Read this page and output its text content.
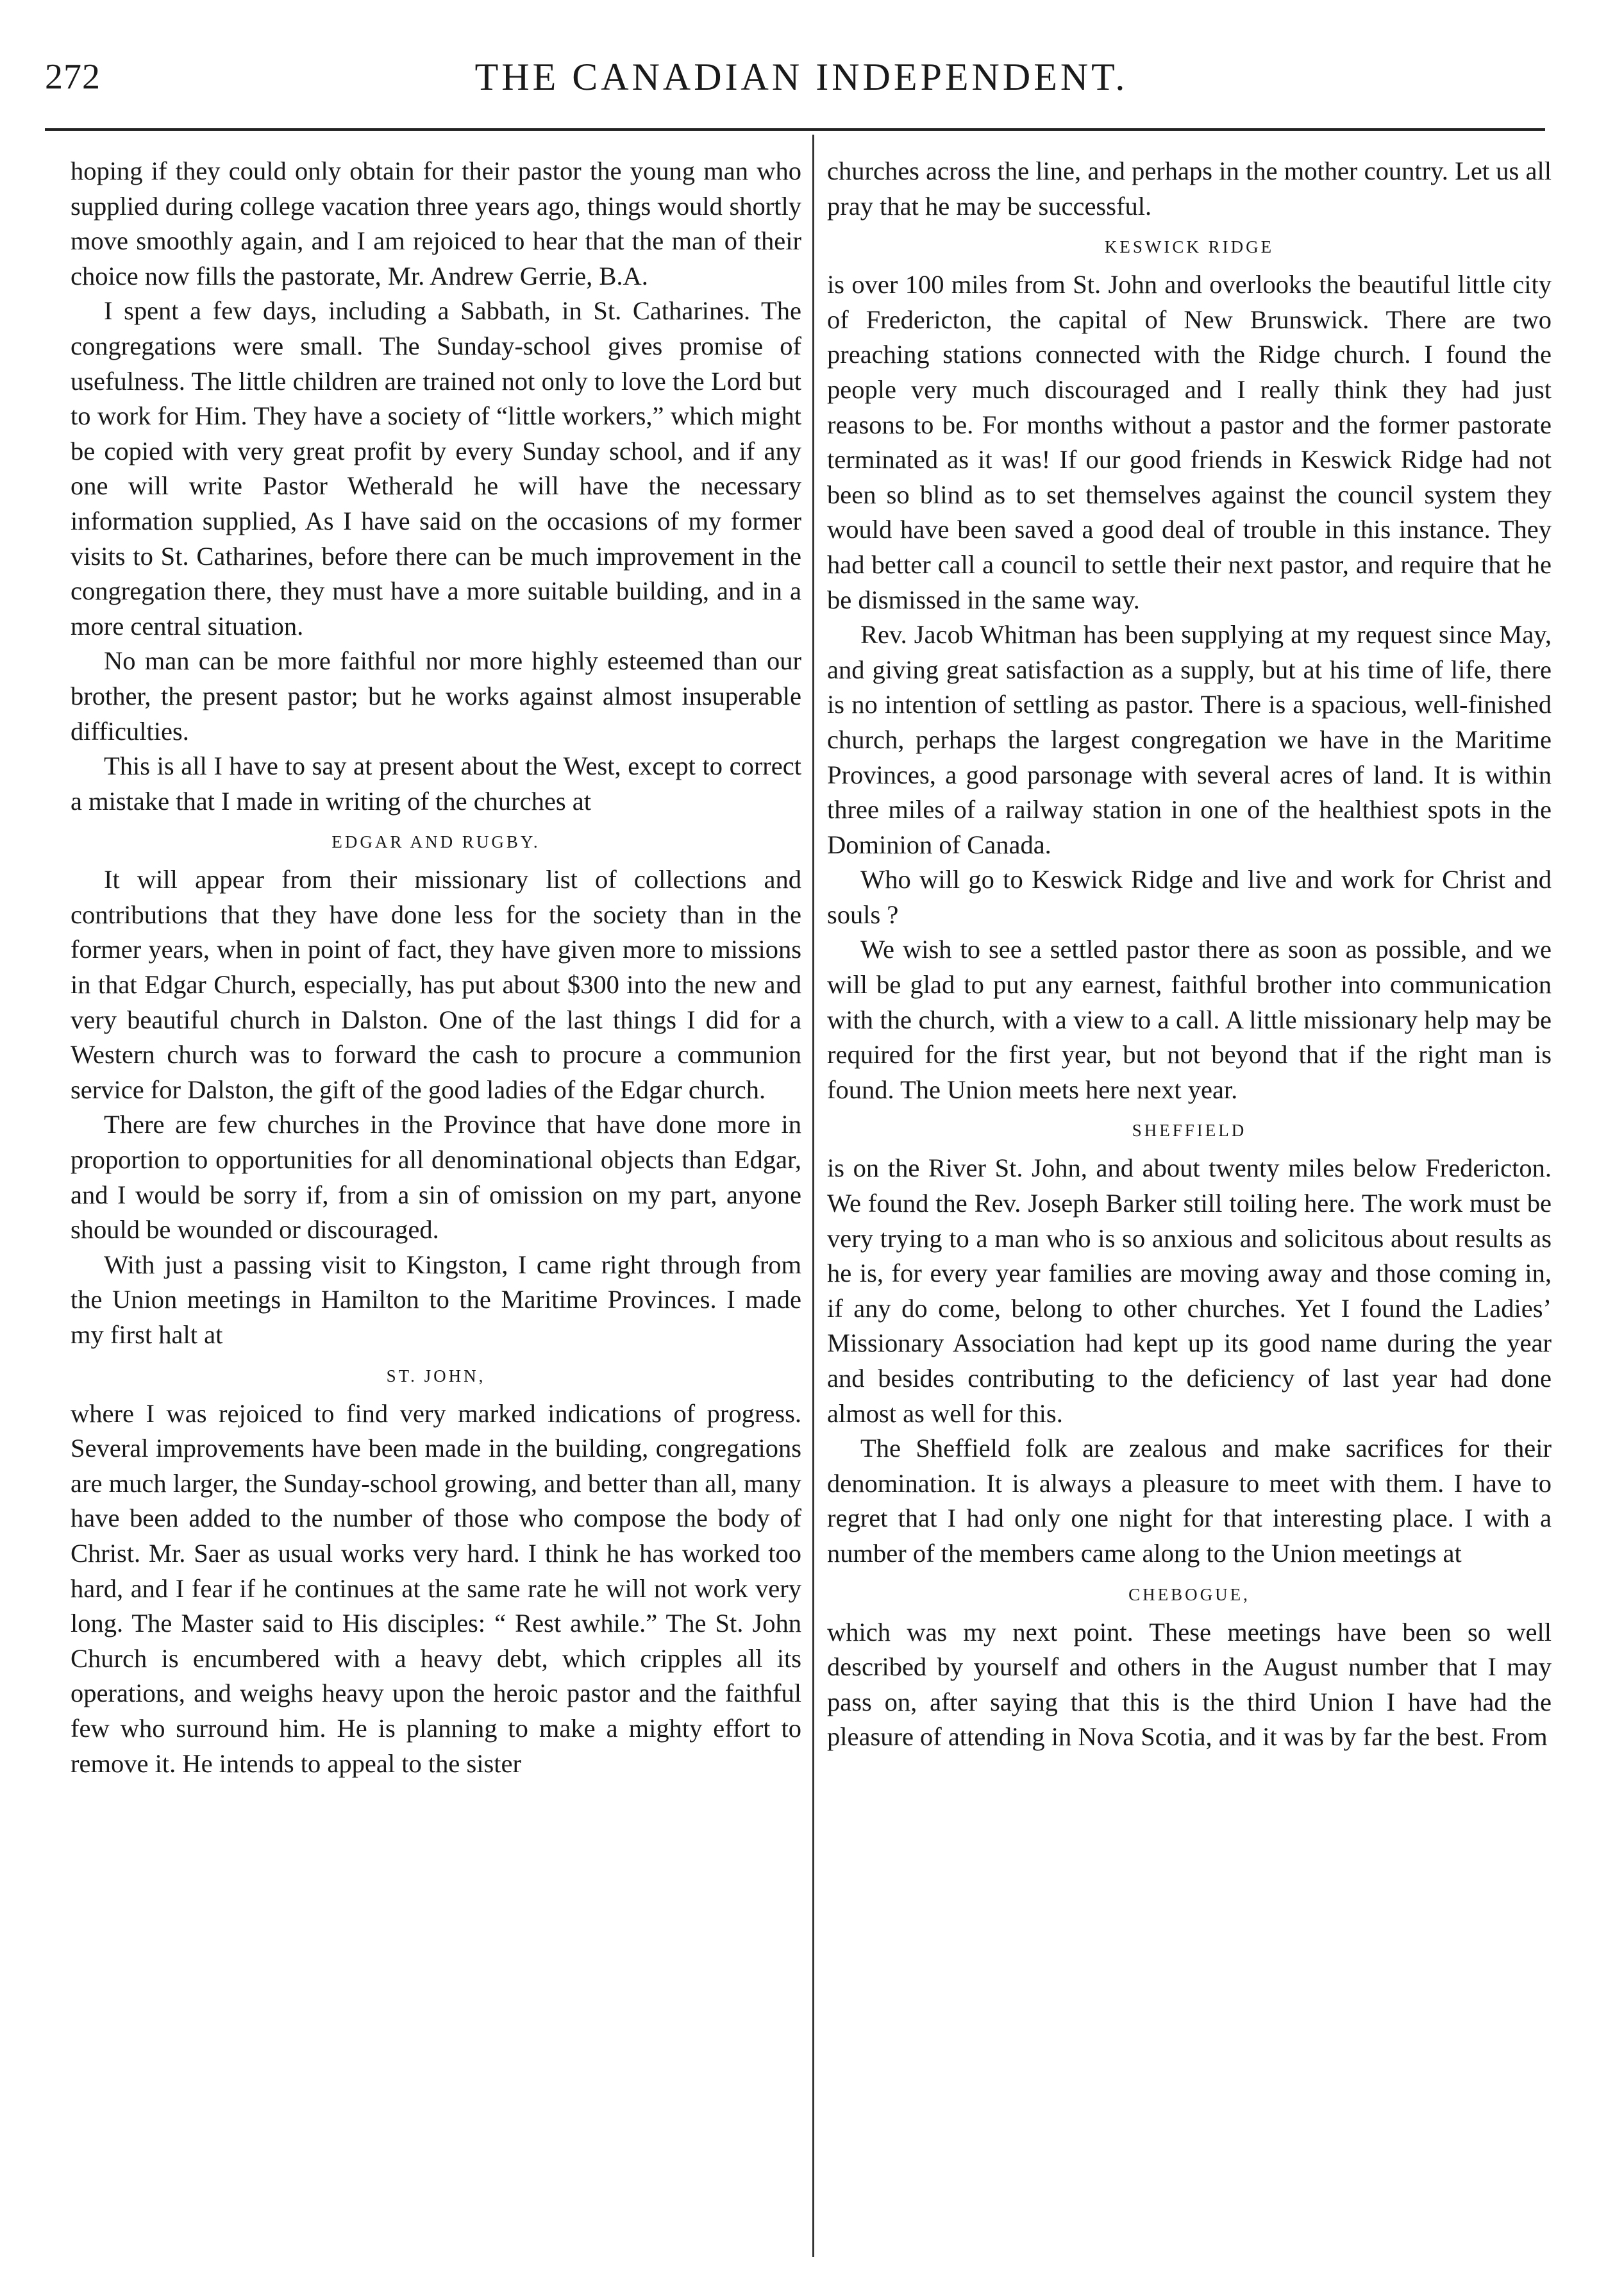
272	THE CANADIAN INDEPENDENT.

hoping if they could only obtain for their pastor the young man who supplied during college vacation three years ago, things would shortly move smoothly again, and I am rejoiced to hear that the man of their choice now fills the pastorate, Mr. Andrew Gerrie, B.A.

I spent a few days, including a Sabbath, in St. Catharines. The congregations were small. The Sunday-school gives promise of usefulness. The little children are trained not only to love the Lord but to work for Him. They have a society of “little workers,” which might be copied with very great profit by every Sunday school, and if any one will write Pastor Wetherald he will have the necessary information supplied, As I have said on the occasions of my former visits to St. Catharines, before there can be much improvement in the congregation there, they must have a more suitable building, and in a more central situation.

No man can be more faithful nor more highly esteemed than our brother, the present pastor; but he works against almost insuperable difficulties.

This is all I have to say at present about the West, except to correct a mistake that I made in writing of the churches at

EDGAR AND RUGBY.

It will appear from their missionary list of collections and contributions that they have done less for the society than in the former years, when in point of fact, they have given more to missions in that Edgar Church, especially, has put about $300 into the new and very beautiful church in Dalston. One of the last things I did for a Western church was to forward the cash to procure a communion service for Dalston, the gift of the good ladies of the Edgar church.

There are few churches in the Province that have done more in proportion to opportunities for all denominational objects than Edgar, and I would be sorry if, from a sin of omission on my part, anyone should be wounded or discouraged.

With just a passing visit to Kingston, I came right through from the Union meetings in Hamilton to the Maritime Provinces. I made my first halt at

ST. JOHN,

where I was rejoiced to find very marked indications of progress. Several improvements have been made in the building, congregations are much larger, the Sunday-school growing, and better than all, many have been added to the number of those who compose the body of Christ. Mr. Saer as usual works very hard. I think he has worked too hard, and I fear if he continues at the same rate he will not work very long. The Master said to His disciples: “ Rest awhile.” The St. John Church is encumbered with a heavy debt, which cripples all its operations, and weighs heavy upon the heroic pastor and the faithful few who surround him. He is planning to make a mighty effort to remove it. He intends to appeal to the sister

churches across the line, and perhaps in the mother country. Let us all pray that he may be successful.

KESWICK RIDGE

is over 100 miles from St. John and overlooks the beautiful little city of Fredericton, the capital of New Brunswick. There are two preaching stations connected with the Ridge church. I found the people very much discouraged and I really think they had just reasons to be. For months without a pastor and the former pastorate terminated as it was! If our good friends in Keswick Ridge had not been so blind as to set themselves against the council system they would have been saved a good deal of trouble in this instance. They had better call a council to settle their next pastor, and require that he be dismissed in the same way.

Rev. Jacob Whitman has been supplying at my request since May, and giving great satisfaction as a supply, but at his time of life, there is no intention of settling as pastor. There is a spacious, well-finished church, perhaps the largest congregation we have in the Maritime Provinces, a good parsonage with several acres of land. It is within three miles of a railway station in one of the healthiest spots in the Dominion of Canada.

Who will go to Keswick Ridge and live and work for Christ and souls ?

We wish to see a settled pastor there as soon as possible, and we will be glad to put any earnest, faithful brother into communication with the church, with a view to a call. A little missionary help may be required for the first year, but not beyond that if the right man is found. The Union meets here next year.

SHEFFIELD

is on the River St. John, and about twenty miles below Fredericton. We found the Rev. Joseph Barker still toiling here. The work must be very trying to a man who is so anxious and solicitous about results as he is, for every year families are moving away and those coming in, if any do come, belong to other churches. Yet I found the Ladies’ Missionary Association had kept up its good name during the year and besides contributing to the deficiency of last year had done almost as well for this.

The Sheffield folk are zealous and make sacrifices for their denomination. It is always a pleasure to meet with them. I have to regret that I had only one night for that interesting place. I with a number of the members came along to the Union meetings at

CHEBOGUE,

which was my next point. These meetings have been so well described by yourself and others in the August number that I may pass on, after saying that this is the third Union I have had the pleasure of attending in Nova Scotia, and it was by far the best. From
